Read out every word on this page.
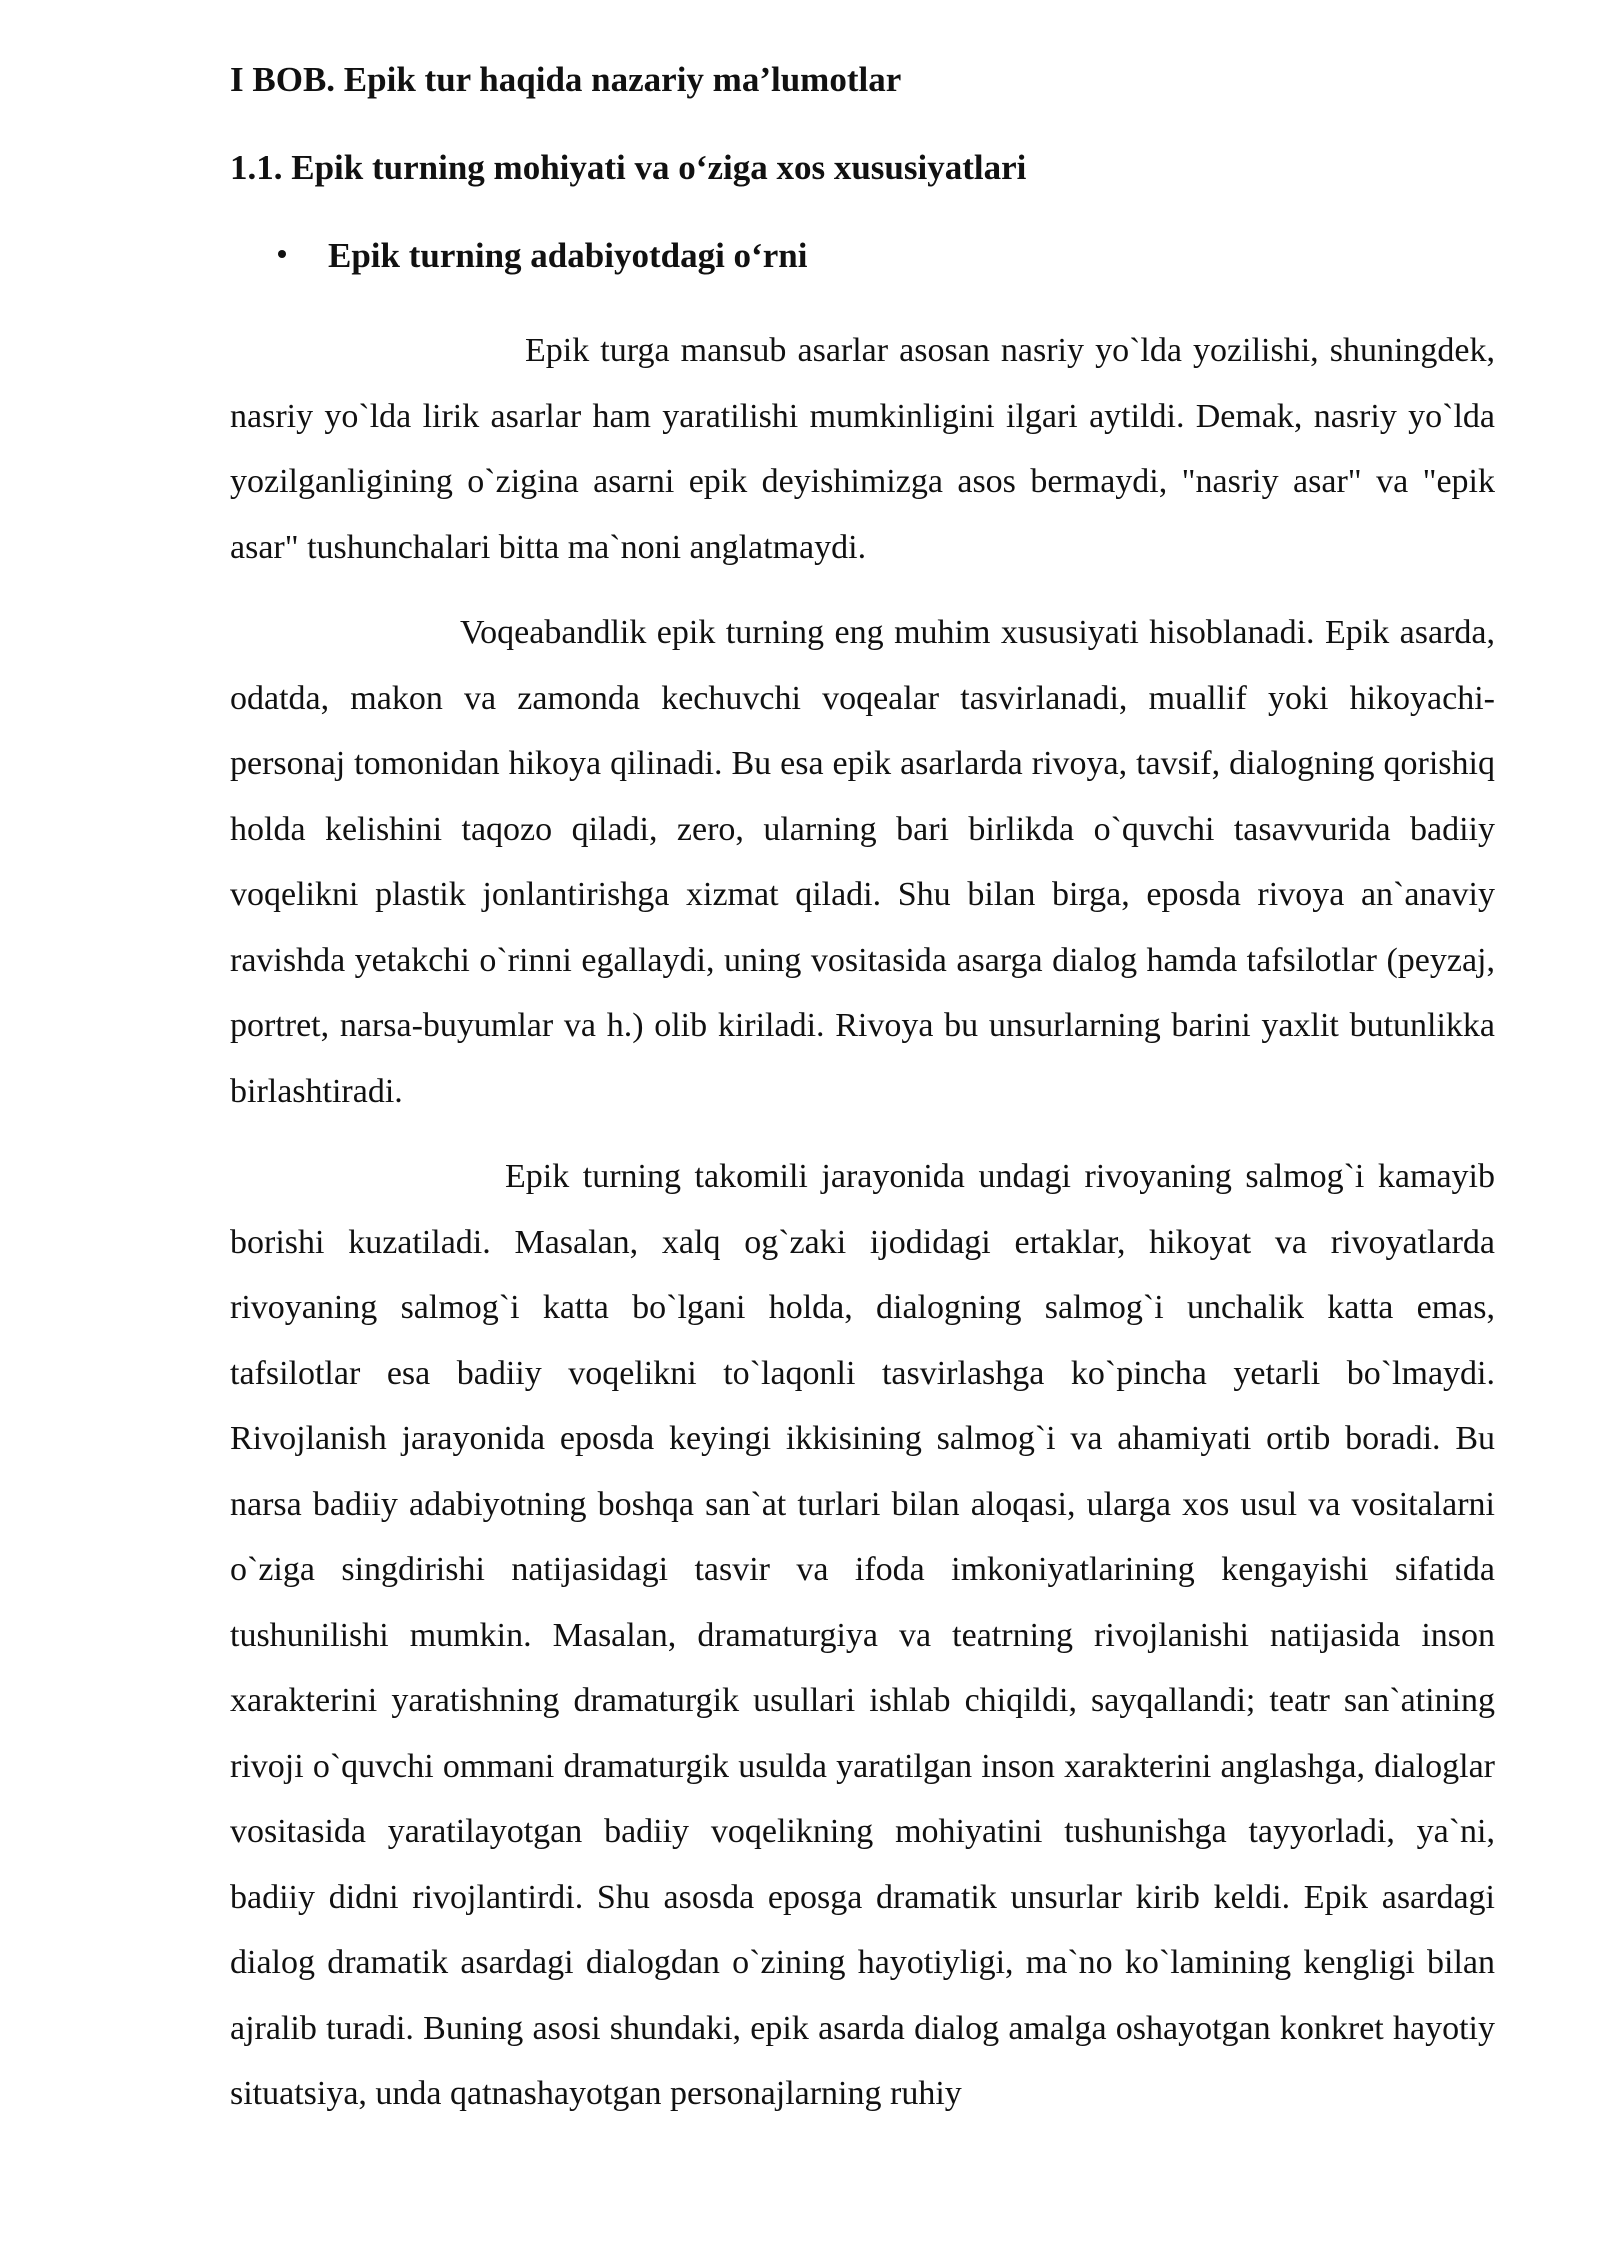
I BOB. Epik tur haqida nazariy ma’lumotlar
1.1. Epik turning mohiyati va o‘ziga xos xususiyatlari
Epik turning adabiyotdagi o‘rni

Epik turga mansub asarlar asosan nasriy yo`lda yozilishi, shuningdek, nasriy yo`lda lirik asarlar ham yaratilishi mumkinligini ilgari aytildi. Demak, nasriy yo`lda yozilganligining o`zigina asarni epik deyishimizga asos bermaydi, "nasriy asar" va "epik asar" tushunchalari bitta ma`noni anglatmaydi.

Voqeabandlik epik turning eng muhim xususiyati hisoblanadi. Epik asarda, odatda, makon va zamonda kechuvchi voqealar tasvirlanadi, muallif yoki hikoyachi-personaj tomonidan hikoya qilinadi. Bu esa epik asarlarda rivoya, tavsif, dialogning qorishiq holda kelishini taqozo qiladi, zero, ularning bari birlikda o`quvchi tasavvurida badiiy voqelikni plastik jonlantirishga xizmat qiladi. Shu bilan birga, eposda rivoya an`anaviy ravishda yetakchi o`rinni egallaydi, uning vositasida asarga dialog hamda tafsilotlar (peyzaj, portret, narsa-buyumlar va h.) olib kiriladi. Rivoya bu unsurlarning barini yaxlit butunlikka birlashtiradi.

Epik turning takomili jarayonida undagi rivoyaning salmog`i kamayib borishi kuzatiladi. Masalan, xalq og`zaki ijodidagi ertaklar, hikoyat va rivoyatlarda rivoyaning salmog`i katta bo`lgani holda, dialogning salmog`i unchalik katta emas, tafsilotlar esa badiiy voqelikni to`laqonli tasvirlashga ko`pincha yetarli bo`lmaydi. Rivojlanish jarayonida eposda keyingi ikkisining salmog`i va ahamiyati ortib boradi. Bu narsa badiiy adabiyotning boshqa san`at turlari bilan aloqasi, ularga xos usul va vositalarni o`ziga singdirishi natijasidagi tasvir va ifoda imkoniyatlarining kengayishi sifatida tushunilishi mumkin. Masalan, dramaturgiya va teatrning rivojlanishi natijasida inson xarakterini yaratishning dramaturgik usullari ishlab chiqildi, sayqallandi; teatr san`atining rivoji o`quvchi ommani dramaturgik usulda yaratilgan inson xarakterini anglashga, dialoglar vositasida yaratilayotgan badiiy voqelikning mohiyatini tushunishga tayyorladi, ya`ni, badiiy didni rivojlantirdi. Shu asosda eposga dramatik unsurlar kirib keldi. Epik asardagi dialog dramatik asardagi dialogdan o`zining hayotiyligi, ma`no ko`lamining kengligi bilan ajralib turadi. Buning asosi shundaki, epik asarda dialog amalga oshayotgan konkret hayotiy situatsiya, unda qatnashayotgan personajlarning ruhiy
